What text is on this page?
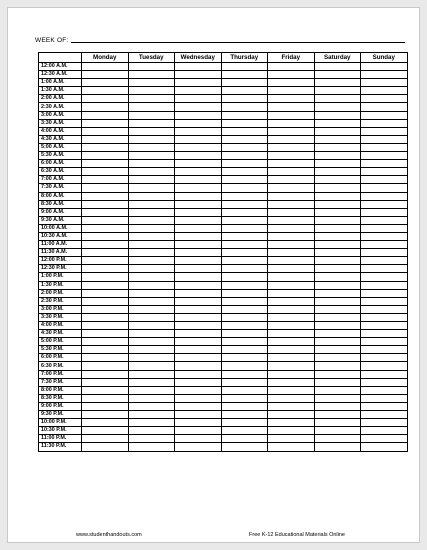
WEEK OF:
	Monday	Tuesday	Wednesday	Thursday	Friday	Saturday	Sunday
12:00 A.M.							
12:30 A.M.							
1:00 A.M.							
1:30 A.M.							
2:00 A.M.							
2:30 A.M.							
3:00 A.M.							
3:30 A.M.							
4:00 A.M.							
4:30 A.M.							
5:00 A.M.							
5:30 A.M.							
6:00 A.M.							
6:30 A.M.							
7:00 A.M.							
7:30 A.M.							
8:00 A.M.							
8:30 A.M.							
9:00 A.M.							
9:30 A.M.							
10:00 A.M.							
10:30 A.M.							
11:00 A.M.							
11:30 A.M.							
12:00 P.M.							
12:30 P.M.							
1:00 P.M.							
1:30 P.M.							
2:00 P.M.							
2:30 P.M.							
3:00 P.M.							
3:30 P.M.							
4:00 P.M.							
4:30 P.M.							
5:00 P.M.							
5:30 P.M.							
6:00 P.M.							
6:30 P.M.							
7:00 P.M.							
7:30 P.M.							
8:00 P.M.							
8:30 P.M.							
9:00 P.M.							
9:30 P.M.							
10:00 P.M.							
10:30 P.M.							
11:00 P.M.							
11:30 P.M.							
www.studenthandouts.com	Free K-12 Educational Materials Online
